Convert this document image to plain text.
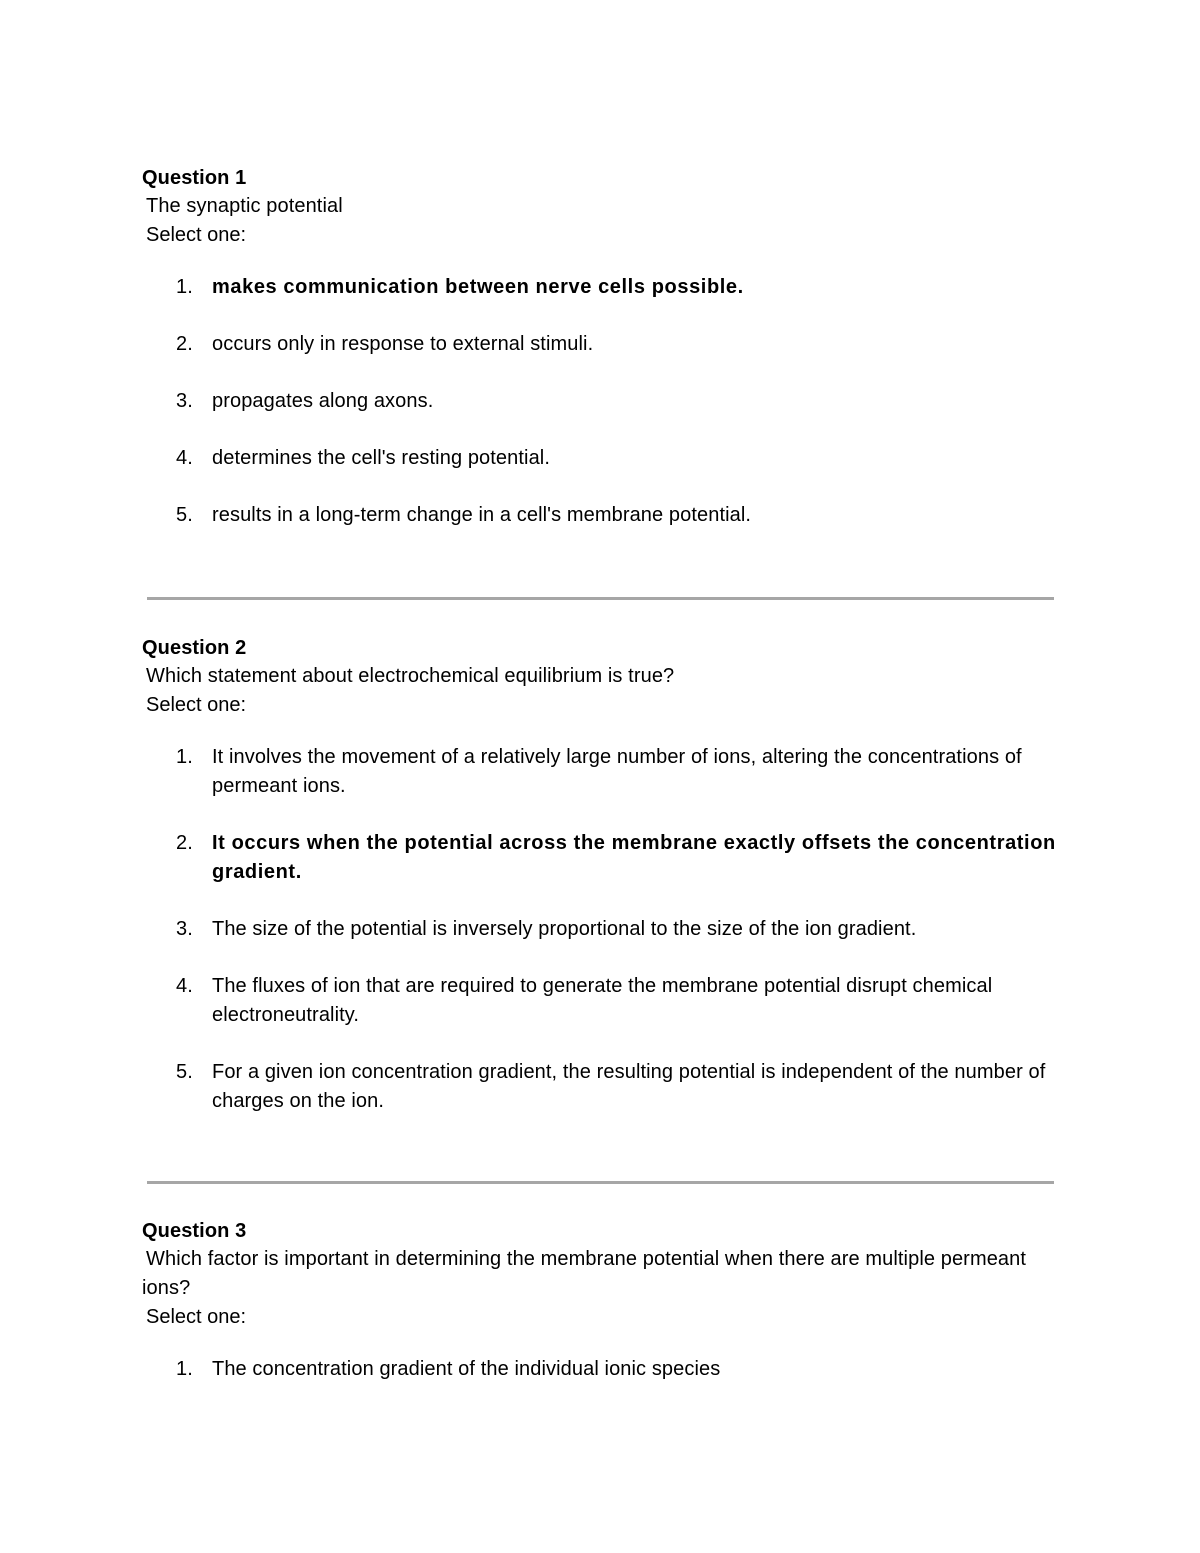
Question 1
The synaptic potential
Select one:
1. makes communication between nerve cells possible.
2. occurs only in response to external stimuli.
3. propagates along axons.
4. determines the cell's resting potential.
5. results in a long-term change in a cell's membrane potential.
Question 2
Which statement about electrochemical equilibrium is true?
Select one:
1. It involves the movement of a relatively large number of ions, altering the concentrations of permeant ions.
2. It occurs when the potential across the membrane exactly offsets the concentration gradient.
3. The size of the potential is inversely proportional to the size of the ion gradient.
4. The fluxes of ion that are required to generate the membrane potential disrupt chemical electroneutrality.
5. For a given ion concentration gradient, the resulting potential is independent of the number of charges on the ion.
Question 3
Which factor is important in determining the membrane potential when there are multiple permeant ions?
Select one:
1. The concentration gradient of the individual ionic species
